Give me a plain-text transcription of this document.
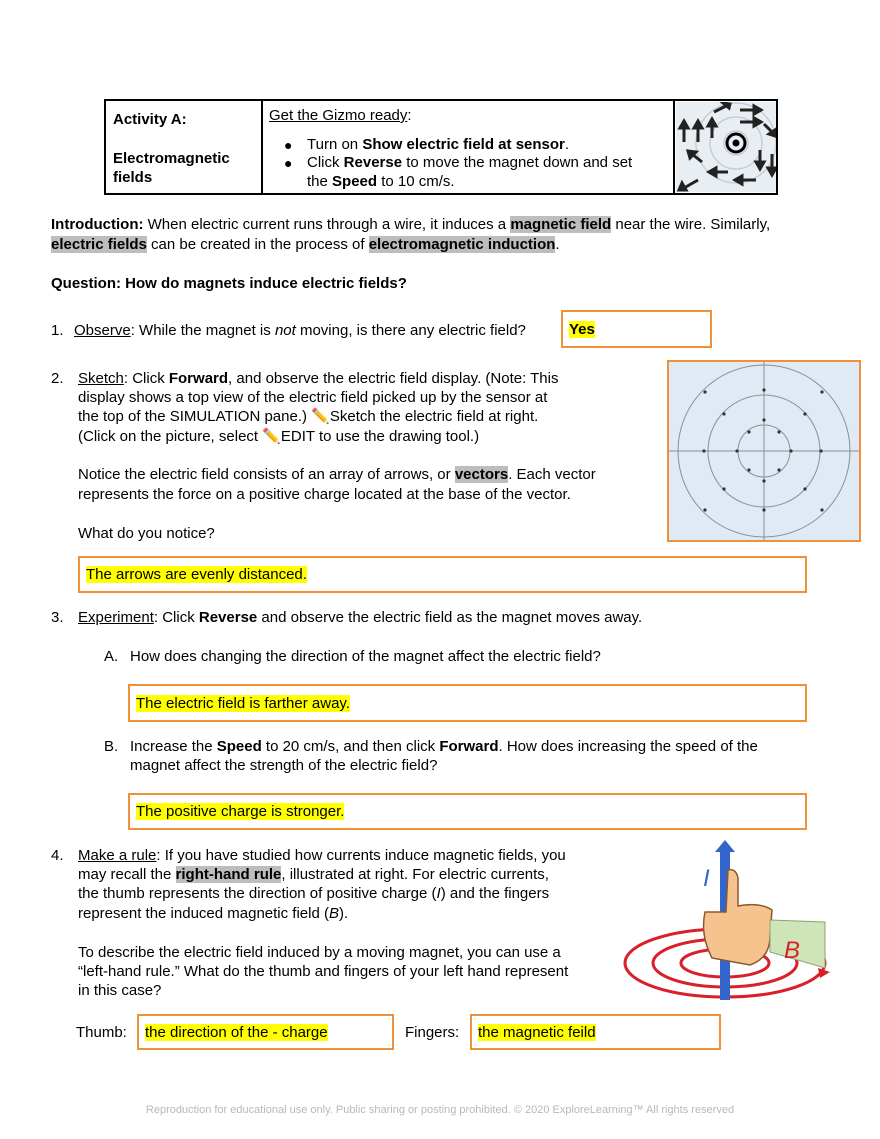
Activity A:
Electromagnetic
fields
Get the Gizmo ready:
● Turn on Show electric field at sensor.
● Click Reverse to move the magnet down and set
the Speed to 10 cm/s.
Introduction: When electric current runs through a wire, it induces a magnetic field near the wire. Similarly,
electric fields can be created in the process of electromagnetic induction.
Question: How do magnets induce electric fields?
1. Observe: While the magnet is not moving, is there any electric field?	Yes
2. Sketch: Click Forward, and observe the electric field display. (Note: This
display shows a top view of the electric field picked up by the sensor at
the top of the SIMULATION pane.) ✏️Sketch the electric field at right.
(Click on the picture, select ✏️EDIT to use the drawing tool.)
Notice the electric field consists of an array of arrows, or vectors. Each vector
represents the force on a positive charge located at the base of the vector.
What do you notice?
The arrows are evenly distanced.
3. Experiment: Click Reverse and observe the electric field as the magnet moves away.
A. How does changing the direction of the magnet affect the electric field?
The electric field is farther away.
B. Increase the Speed to 20 cm/s, and then click Forward. How does increasing the speed of the
magnet affect the strength of the electric field?
The positive charge is stronger.
4. Make a rule: If you have studied how currents induce magnetic fields, you
may recall the right-hand rule, illustrated at right. For electric currents,
the thumb represents the direction of positive charge (I) and the fingers
represent the induced magnetic field (B).
To describe the electric field induced by a moving magnet, you can use a
“left-hand rule.” What do the thumb and fingers of your left hand represent
in this case?
I
B
Thumb: the direction of the - charge	Fingers: the magnetic feild
Reproduction for educational use only. Public sharing or posting prohibited. © 2020 ExploreLearning™ All rights reserved
